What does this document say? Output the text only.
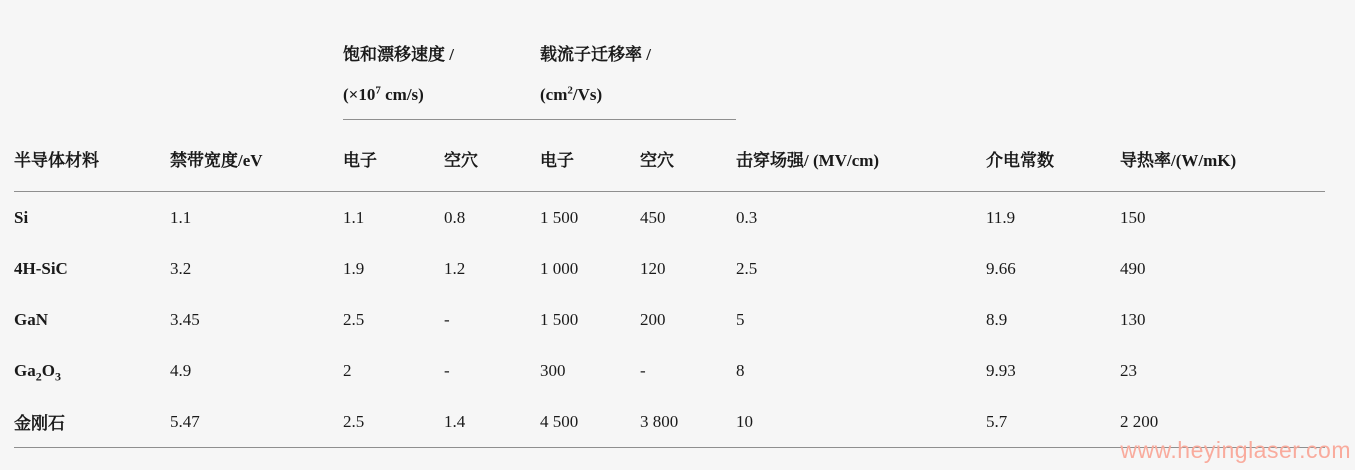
饱和漂移速度 /
($\times 10^7$ cm/s)

载流子迁移率 /
$(cm^2/Vs)$

半导体材料	禁带宽度/eV	电子	空穴	电子	空穴	击穿场强/ (MV/cm)	介电常数	导热率/(W/mK)
Si	1.1	1.1	0.8	1 500	450	0.3	11.9	150
4H-SiC	3.2	1.9	1.2	1 000	120	2.5	9.66	490
GaN	3.45	2.5	-	1 500	200	5	8.9	130
$Ga_2O_3$	4.9	2	-	300	-	8	9.93	23
金刚石	5.47	2.5	1.4	4 500	3 800	10	5.7	2 200
www.heyinglaser.com
